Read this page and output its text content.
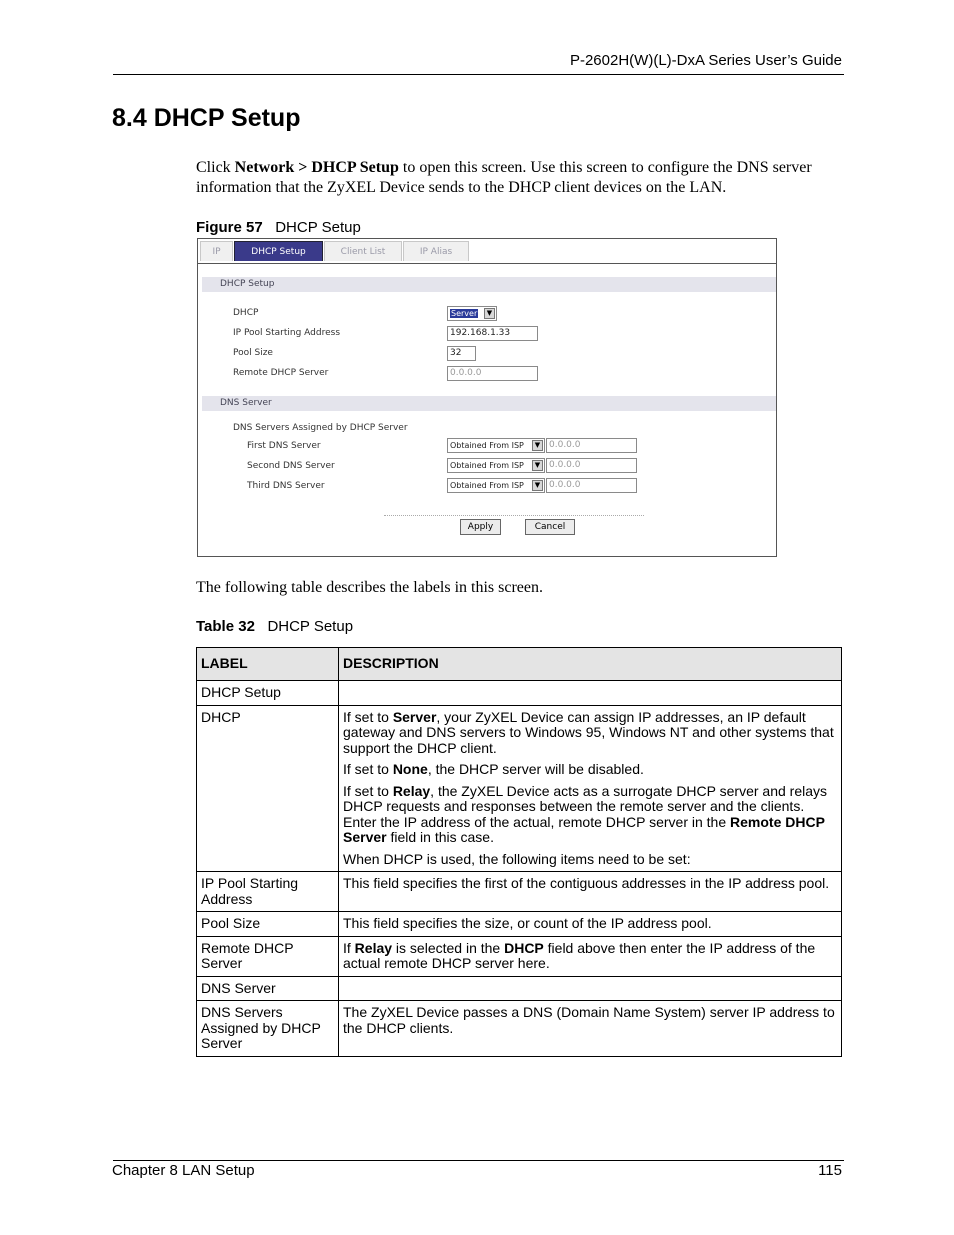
P-2602H(W)(L)-DxA Series User’s Guide
8.4 DHCP Setup
Click Network > DHCP Setup to open this screen. Use this screen to configure the DNS server information that the ZyXEL Device sends to the DHCP client devices on the LAN.
Figure 57 DHCP Setup
IP	DHCP Setup	Client List	IP Alias
DHCP Setup
DHCP	Server	▼
IP Pool Starting Address	192.168.1.33
Pool Size	32
Remote DHCP Server	0.0.0.0
DNS Server
DNS Servers Assigned by DHCP Server
First DNS Server	Obtained From ISP	▼ 0.0.0.0
Second DNS Server	Obtained From ISP	▼ 0.0.0.0
Third DNS Server	Obtained From ISP	▼ 0.0.0.0
Apply	Cancel
The following table describes the labels in this screen.
Table 32 DHCP Setup
LABEL	DESCRIPTION
DHCP Setup	
DHCP	If set to Server, your ZyXEL Device can assign IP addresses, an IP default gateway and DNS servers to Windows 95, Windows NT and other systems that support the DHCP client.

If set to None, the DHCP server will be disabled.

If set to Relay, the ZyXEL Device acts as a surrogate DHCP server and relays DHCP requests and responses between the remote server and the clients. Enter the IP address of the actual, remote DHCP server in the Remote DHCP Server field in this case.

When DHCP is used, the following items need to be set:

IP Pool Starting Address	This field specifies the first of the contiguous addresses in the IP address pool.
Pool Size	This field specifies the size, or count of the IP address pool.
Remote DHCP Server	If Relay is selected in the DHCP field above then enter the IP address of the actual remote DHCP server here.
DNS Server	
DNS Servers Assigned by DHCP Server	The ZyXEL Device passes a DNS (Domain Name System) server IP address to the DHCP clients.
Chapter 8 LAN Setup	115
